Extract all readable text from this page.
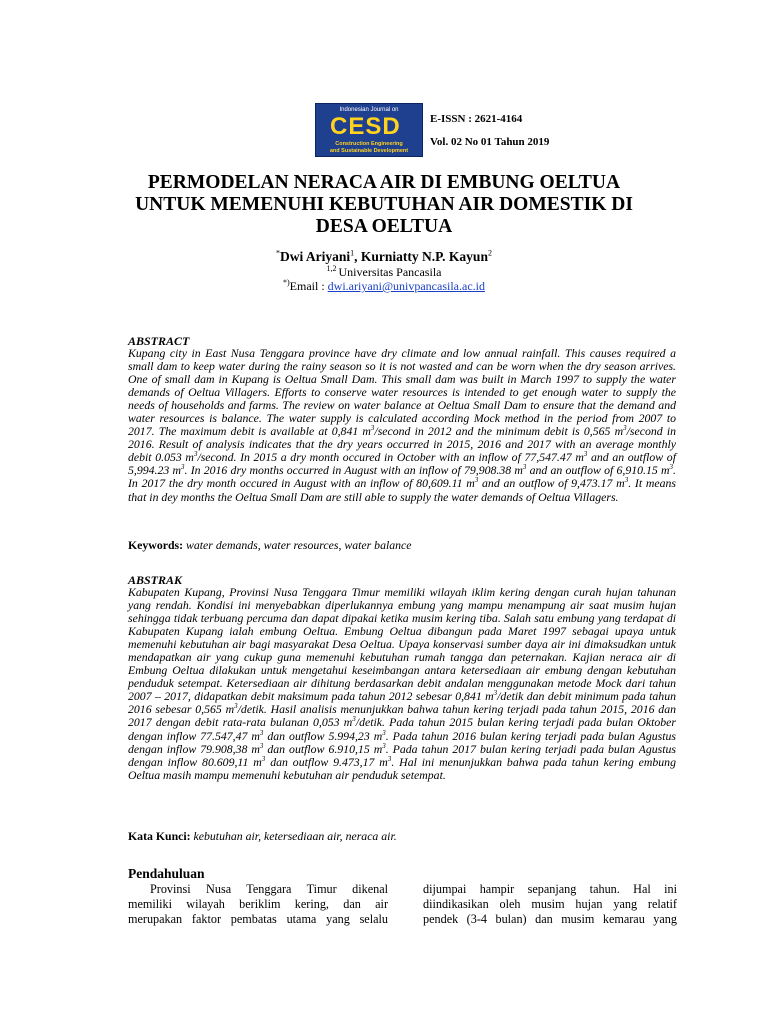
Indonesian Journal on
CESD
Construction Engineering
and Sustainable Development
E-ISSN : 2621-4164
Vol. 02 No 01 Tahun 2019
PERMODELAN NERACA AIR DI EMBUNG OELTUA
UNTUK MEMENUHI KEBUTUHAN AIR DOMESTIK DI
DESA OELTUA
*Dwi Ariyani$^1$, Kurniatty N.P. Kayun$^2$
$^{1,2}$ Universitas Pancasila
*)Email : dwi.ariyani@univpancasila.ac.id
ABSTRACT
Kupang city in East Nusa Tenggara province have dry climate and low annual rainfall. This causes required a small dam to keep water during the rainy season so it is not wasted and can be worn when the dry season arrives. One of small dam in Kupang is Oeltua Small Dam. This small dam was built in March 1997 to supply the water demands of Oeltua Villagers. Efforts to conserve water resources is intended to get enough water to supply the needs of households and farms. The review on water balance at Oeltua Small Dam to ensure that the demand and water resources is balance. The water supply is calculated according Mock method in the period from 2007 to 2017. The maximum debit is available at 0,841 $m^3$/second in 2012 and the minimum debit is 0,565 $m^3$/second in 2016. Result of analysis indicates that the dry years occurred in 2015, 2016 and 2017 with an average monthly debit 0.053 $m^3$/second. In 2015 a dry month occured in October with an inflow of 77,547.47 $m^3$ and an outflow of 5,994.23 $m^3$. In 2016 dry months occurred in August with an inflow of 79,908.38 $m^3$ and an outflow of 6,910.15 $m^3$. In 2017 the dry month occured in August with an inflow of 80,609.11 $m^3$ and an outflow of 9,473.17 $m^3$. It means that in dey months the Oeltua Small Dam are still able to supply the water demands of Oeltua Villagers.
Keywords: water demands, water resources, water balance
ABSTRAK
Kabupaten Kupang, Provinsi Nusa Tenggara Timur memiliki wilayah iklim kering dengan curah hujan tahunan yang rendah. Kondisi ini menyebabkan diperlukannya embung yang mampu menampung air saat musim hujan sehingga tidak terbuang percuma dan dapat dipakai ketika musim kering tiba. Salah satu embung yang terdapat di Kabupaten Kupang ialah embung Oeltua. Embung Oeltua dibangun pada Maret 1997 sebagai upaya untuk memenuhi kebutuhan air bagi masyarakat Desa Oeltua. Upaya konservasi sumber daya air ini dimaksudkan untuk mendapatkan air yang cukup guna memenuhi kebutuhan rumah tangga dan peternakan. Kajian neraca air di Embung Oeltua dilakukan untuk mengetahui keseimbangan antara ketersediaan air embung dengan kebutuhan penduduk setempat. Ketersediaan air dihitung berdasarkan debit andalan menggunakan metode Mock dari tahun 2007 – 2017, didapatkan debit maksimum pada tahun 2012 sebesar 0,841 $m^3$/detik dan debit minimum pada tahun 2016 sebesar 0,565 $m^3$/detik. Hasil analisis menunjukkan bahwa tahun kering terjadi pada tahun 2015, 2016 dan 2017 dengan debit rata-rata bulanan 0,053 $m^3$/detik. Pada tahun 2015 bulan kering terjadi pada bulan Oktober dengan inflow 77.547,47 $m^3$ dan outflow 5.994,23 $m^3$. Pada tahun 2016 bulan kering terjadi pada bulan Agustus dengan inflow 79.908,38 $m^3$ dan outflow 6.910,15 $m^3$. Pada tahun 2017 bulan kering terjadi pada bulan Agustus dengan inflow 80.609,11 $m^3$ dan outflow 9.473,17 $m^3$. Hal ini menunjukkan bahwa pada tahun kering embung Oeltua masih mampu memenuhi kebutuhan air penduduk setempat.
Kata Kunci: kebutuhan air, ketersediaan air, neraca air.
Pendahuluan
Provinsi Nusa Tenggara Timur dikenal
memiliki wilayah beriklim kering, dan air
merupakan faktor pembatas utama yang selalu
dijumpai hampir sepanjang tahun. Hal ini
diindikasikan oleh musim hujan yang relatif
pendek (3-4 bulan) dan musim kemarau yang
